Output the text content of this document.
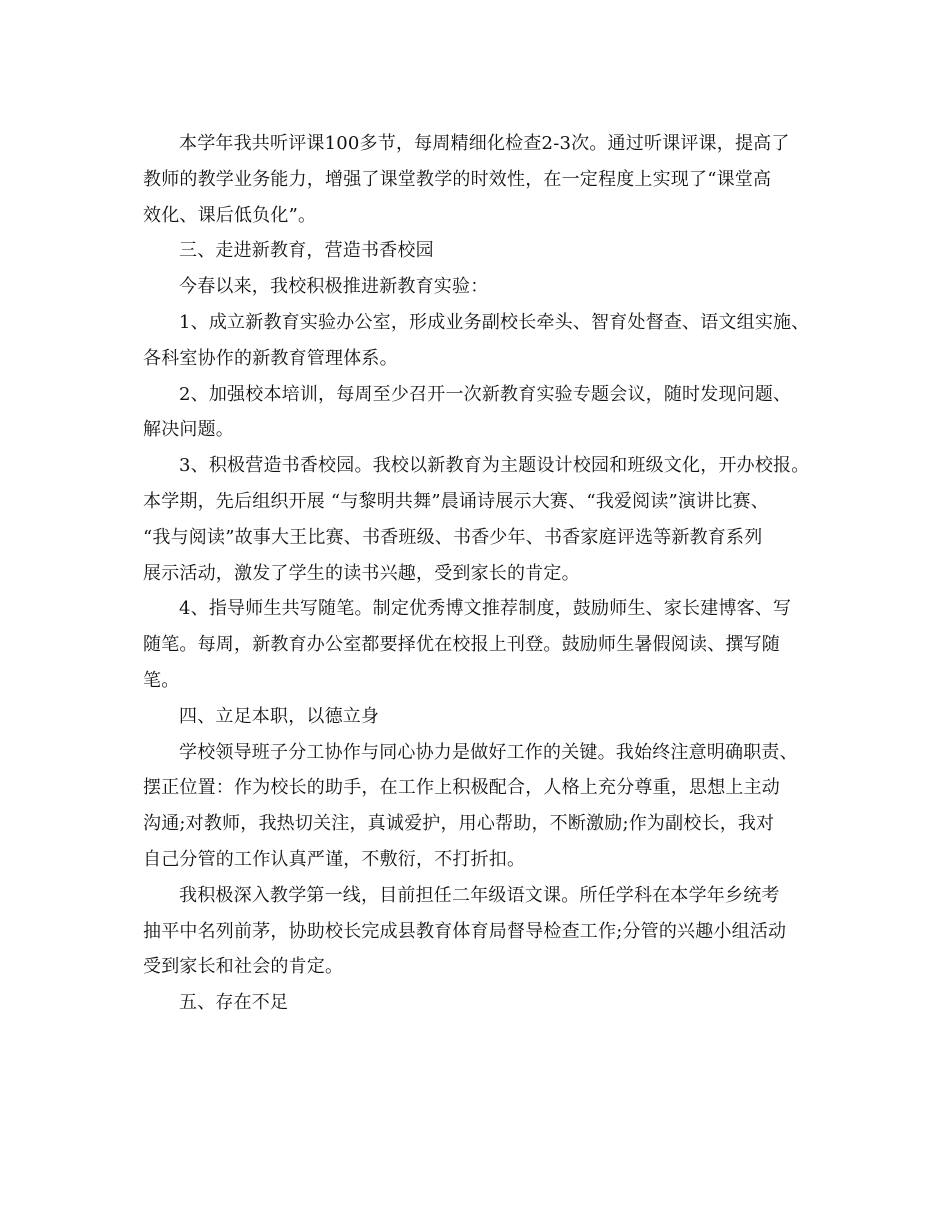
本学年我共听评课100多节，每周精细化检查2-3次。通过听课评课，提高了
教师的教学业务能力，增强了课堂教学的时效性，在一定程度上实现了“课堂高
效化、课后低负化”。

三、走进新教育，营造书香校园

今春以来，我校积极推进新教育实验：

1、成立新教育实验办公室，形成业务副校长牵头、智育处督查、语文组实施、
各科室协作的新教育管理体系。

2、加强校本培训，每周至少召开一次新教育实验专题会议，随时发现问题、
解决问题。

3、积极营造书香校园。我校以新教育为主题设计校园和班级文化，开办校报。
本学期，先后组织开展 “与黎明共舞”晨诵诗展示大赛、“我爱阅读”演讲比赛、
“我与阅读”故事大王比赛、书香班级、书香少年、书香家庭评选等新教育系列
展示活动，激发了学生的读书兴趣，受到家长的肯定。

4、指导师生共写随笔。制定优秀博文推荐制度，鼓励师生、家长建博客、写
随笔。每周，新教育办公室都要择优在校报上刊登。鼓励师生暑假阅读、撰写随
笔。

四、立足本职，以德立身

学校领导班子分工协作与同心协力是做好工作的关键。我始终注意明确职责、
摆正位置：作为校长的助手，在工作上积极配合，人格上充分尊重，思想上主动
沟通;对教师，我热切关注，真诚爱护，用心帮助，不断激励;作为副校长，我对
自己分管的工作认真严谨，不敷衍，不打折扣。

我积极深入教学第一线，目前担任二年级语文课。所任学科在本学年乡统考
抽平中名列前茅，协助校长完成县教育体育局督导检查工作;分管的兴趣小组活动
受到家长和社会的肯定。

五、存在不足
